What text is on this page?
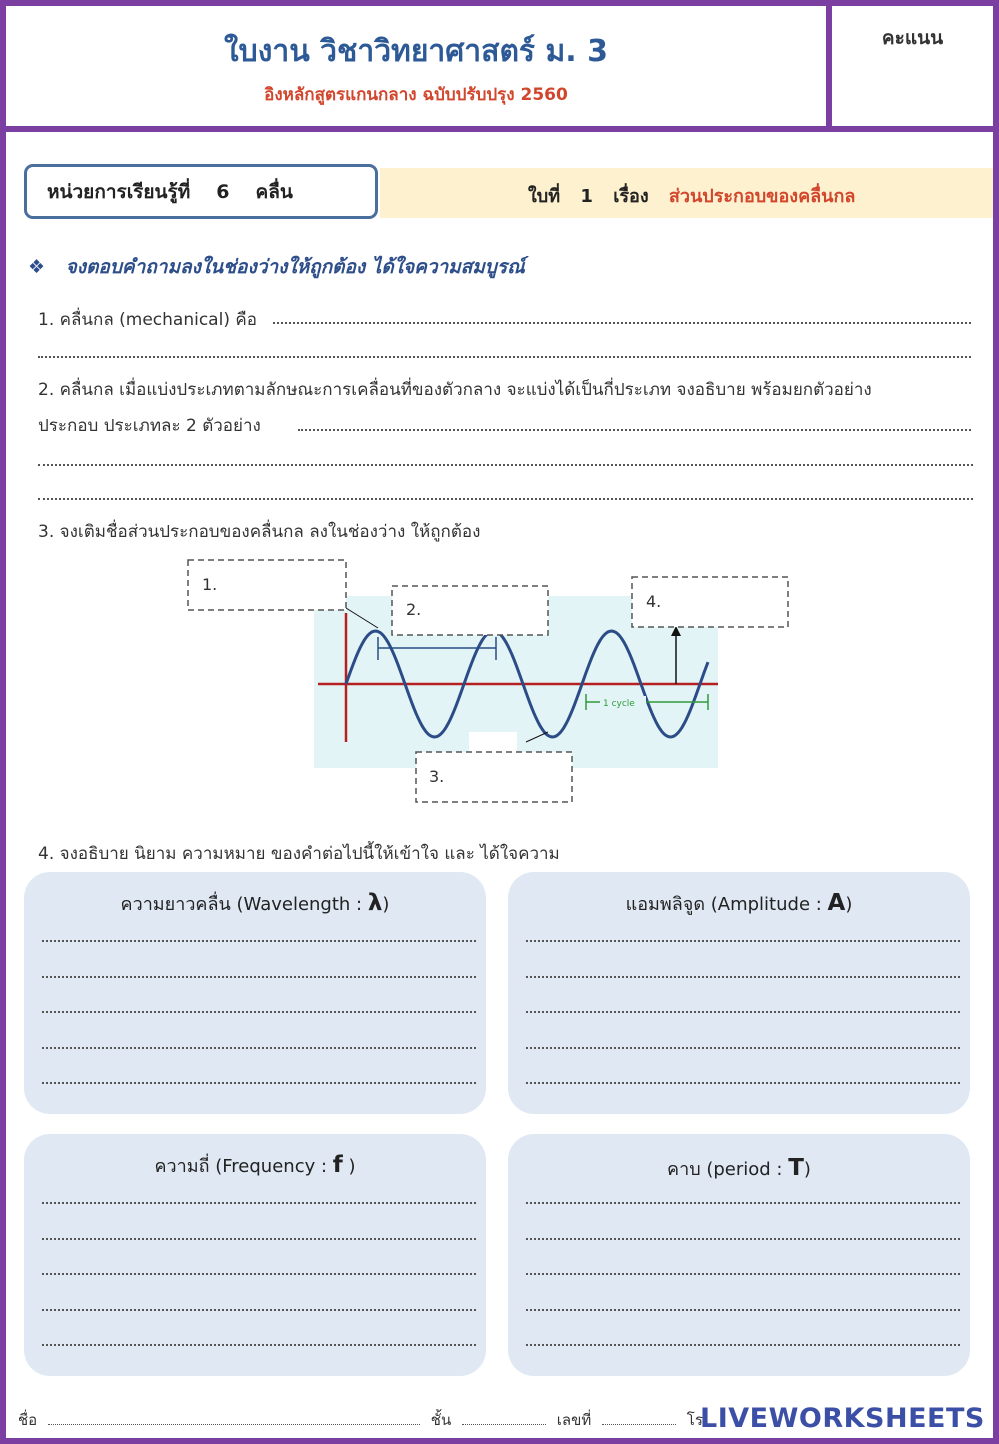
ใบงาน วิชาวิทยาศาสตร์ ม. 3
อิงหลักสูตรแกนกลาง ฉบับปรับปรุง 2560
คะแนน
หน่วยการเรียนรู้ที่ 6 คลื่น	ใบที่ 1 เรื่อง ส่วนประกอบของคลื่นกล
❖ จงตอบคำถามลงในช่องว่างให้ถูกต้อง ได้ใจความสมบูรณ์
1. คลื่นกล (mechanical) คือ
2. คลื่นกล เมื่อแบ่งประเภทตามลักษณะการเคลื่อนที่ของตัวกลาง จะแบ่งได้เป็นกี่ประเภท จงอธิบาย พร้อมยกตัวอย่าง
ประกอบ ประเภทละ 2 ตัวอย่าง
3. จงเติมชื่อส่วนประกอบของคลื่นกล ลงในช่องว่าง ให้ถูกต้อง
1 cycle
1.
2.
3.
4.
4. จงอธิบาย นิยาม ความหมาย ของคำต่อไปนี้ให้เข้าใจ และ ได้ใจความ
ความยาวคลื่น (Wavelength : λ)	แอมพลิจูด (Amplitude : A)
ความถี่ (Frequency : f )	คาบ (period : T)
ชื่อ	ชั้น	เลขที่	โร
LIVEWORKSHEETS
